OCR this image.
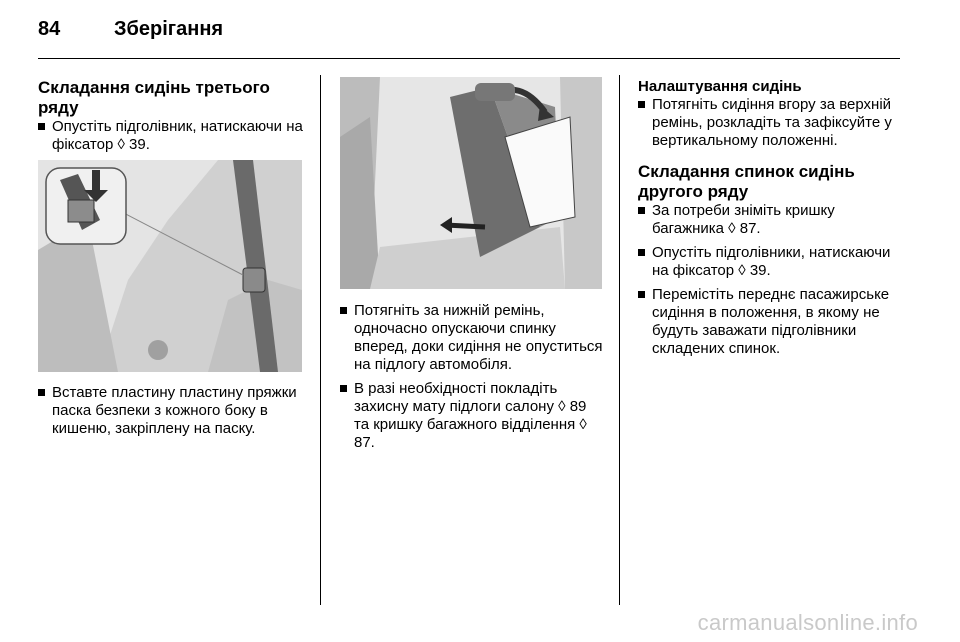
84	Зберігання
Складання сидінь третього ряду
Опустіть підголівник, натискаючи на фіксатор ◊ 39.
Вставте пластину пластину пряжки паска безпеки з кожного боку в кишеню, закріплену на паску.
Потягніть за нижній ремінь, одночасно опускаючи спинку вперед, доки сидіння не опуститься на підлогу автомобіля.
В разі необхідності покладіть захисну мату підлоги салону ◊ 89 та кришку багажного відділення ◊ 87.
Налаштування сидінь
Потягніть сидіння вгору за верхній ремінь, розкладіть та зафіксуйте у вертикальному положенні.
Складання спинок сидінь другого ряду
За потреби зніміть кришку багажника ◊ 87.
Опустіть підголівники, натискаючи на фіксатор ◊ 39.
Перемістіть переднє пасажирське сидіння в положення, в якому не будуть заважати підголівники складених спинок.
carmanualsonline.info
